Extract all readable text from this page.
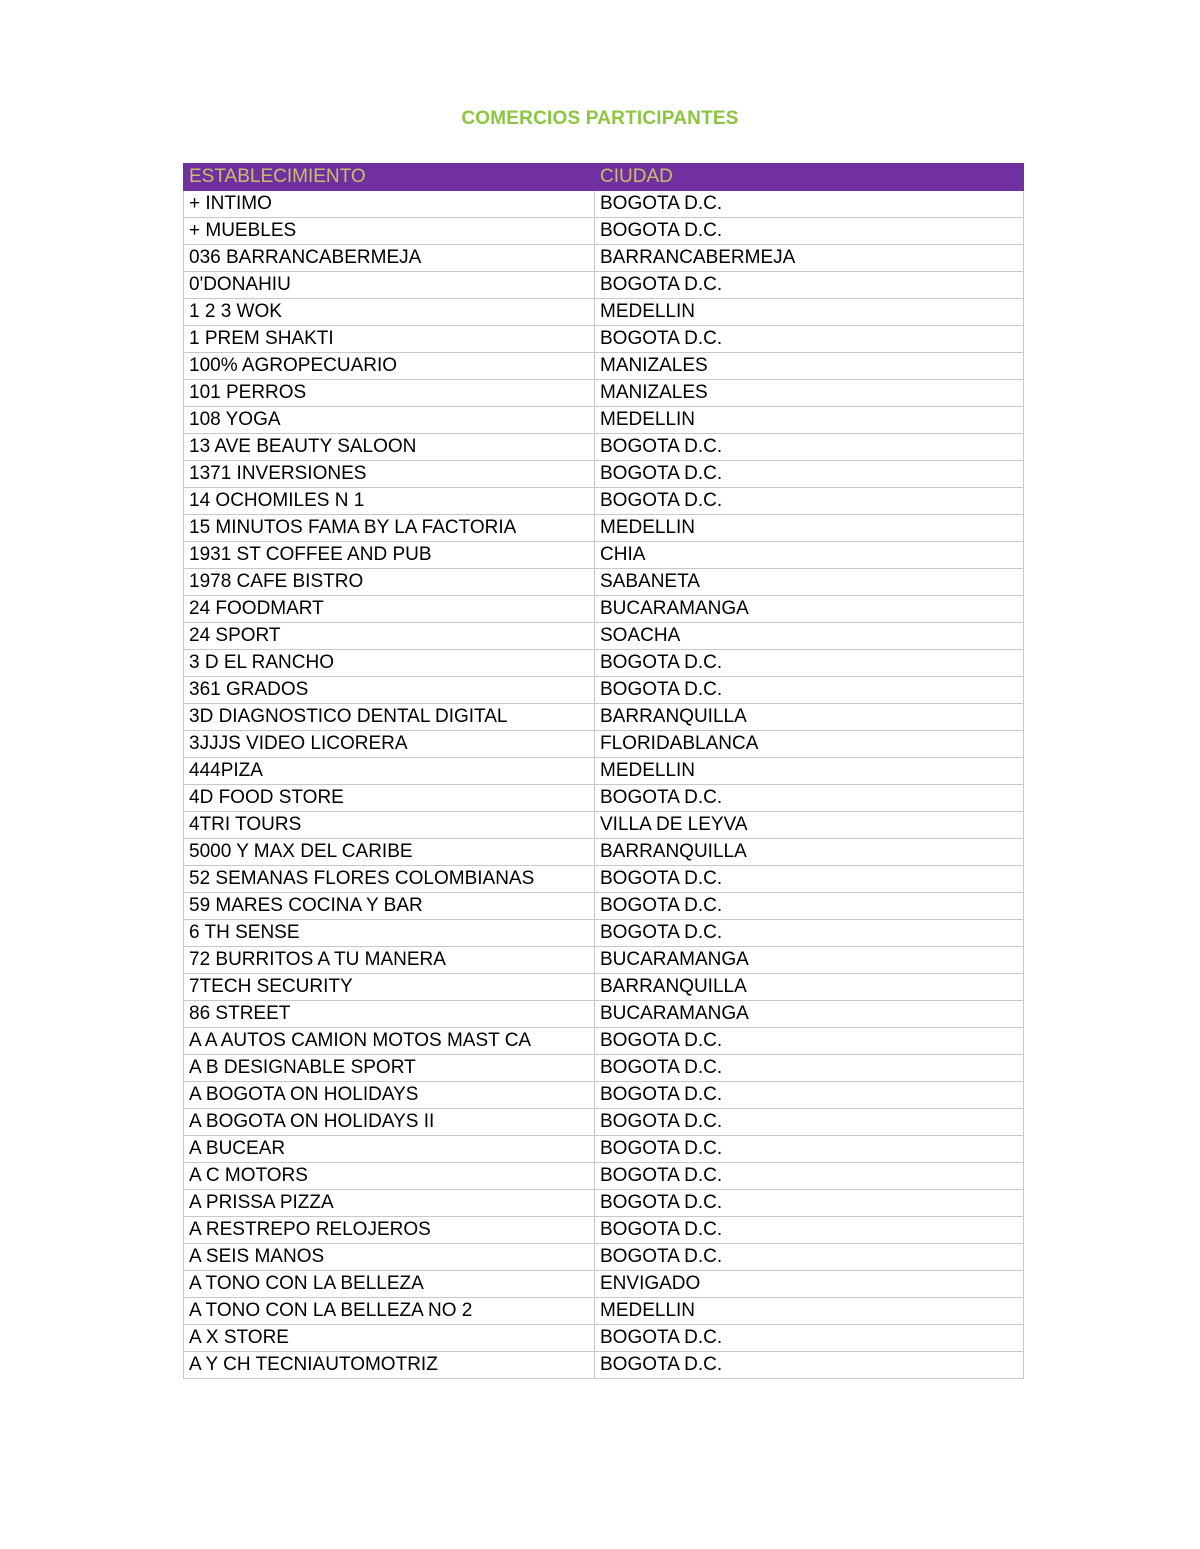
COMERCIOS PARTICIPANTES
ESTABLECIMIENTO	CIUDAD
+ INTIMO	BOGOTA D.C.
+ MUEBLES	BOGOTA D.C.
036 BARRANCABERMEJA	BARRANCABERMEJA
0'DONAHIU	BOGOTA D.C.
1 2 3 WOK	MEDELLIN
1 PREM SHAKTI	BOGOTA D.C.
100% AGROPECUARIO	MANIZALES
101 PERROS	MANIZALES
108 YOGA	MEDELLIN
13 AVE BEAUTY SALOON	BOGOTA D.C.
1371 INVERSIONES	BOGOTA D.C.
14 OCHOMILES N 1	BOGOTA D.C.
15 MINUTOS FAMA BY LA FACTORIA	MEDELLIN
1931 ST COFFEE AND PUB	CHIA
1978 CAFE BISTRO	SABANETA
24 FOODMART	BUCARAMANGA
24 SPORT	SOACHA
3 D EL RANCHO	BOGOTA D.C.
361 GRADOS	BOGOTA D.C.
3D DIAGNOSTICO DENTAL DIGITAL	BARRANQUILLA
3JJJS VIDEO LICORERA	FLORIDABLANCA
444PIZA	MEDELLIN
4D FOOD STORE	BOGOTA D.C.
4TRI TOURS	VILLA DE LEYVA
5000 Y MAX DEL CARIBE	BARRANQUILLA
52 SEMANAS FLORES COLOMBIANAS	BOGOTA D.C.
59 MARES COCINA Y BAR	BOGOTA D.C.
6 TH SENSE	BOGOTA D.C.
72 BURRITOS A TU MANERA	BUCARAMANGA
7TECH SECURITY	BARRANQUILLA
86 STREET	BUCARAMANGA
A A AUTOS CAMION MOTOS MAST CA	BOGOTA D.C.
A B DESIGNABLE SPORT	BOGOTA D.C.
A BOGOTA ON HOLIDAYS	BOGOTA D.C.
A BOGOTA ON HOLIDAYS II	BOGOTA D.C.
A BUCEAR	BOGOTA D.C.
A C MOTORS	BOGOTA D.C.
A PRISSA PIZZA	BOGOTA D.C.
A RESTREPO RELOJEROS	BOGOTA D.C.
A SEIS MANOS	BOGOTA D.C.
A TONO CON LA BELLEZA	ENVIGADO
A TONO CON LA BELLEZA NO 2	MEDELLIN
A X STORE	BOGOTA D.C.
A Y CH TECNIAUTOMOTRIZ	BOGOTA D.C.
